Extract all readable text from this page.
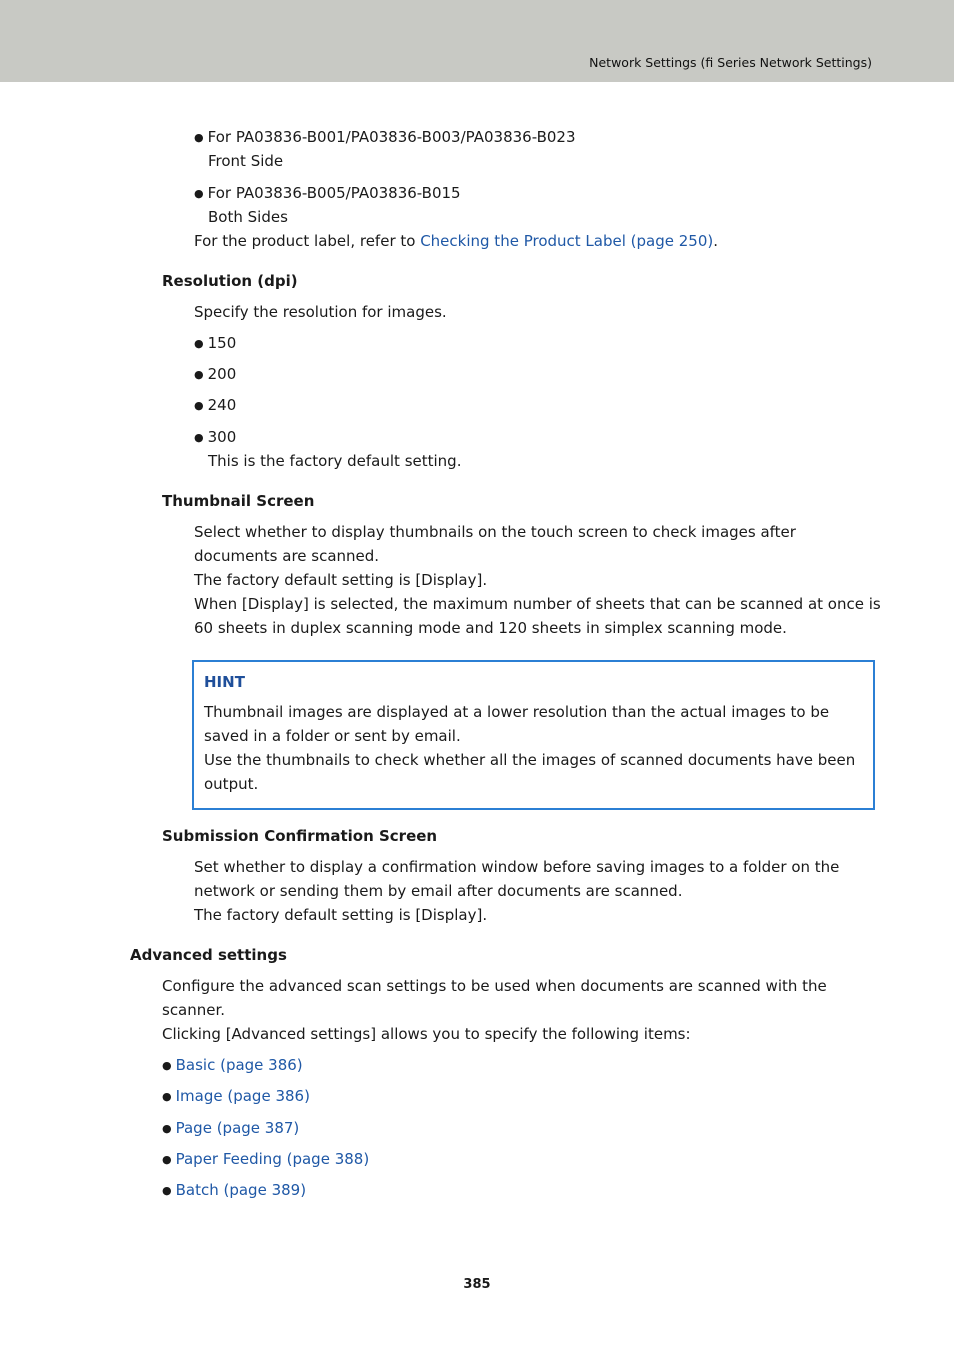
Network Settings (fi Series Network Settings)
● For PA03836-B001/PA03836-B003/PA03836-B023
Front Side
● For PA03836-B005/PA03836-B015
Both Sides
For the product label, refer to Checking the Product Label (page 250).
Resolution (dpi)
Specify the resolution for images.
● 150
● 200
● 240
● 300
This is the factory default setting.
Thumbnail Screen
Select whether to display thumbnails on the touch screen to check images after
documents are scanned.
The factory default setting is [Display].
When [Display] is selected, the maximum number of sheets that can be scanned at once is
60 sheets in duplex scanning mode and 120 sheets in simplex scanning mode.
HINT
Thumbnail images are displayed at a lower resolution than the actual images to be
saved in a folder or sent by email.
Use the thumbnails to check whether all the images of scanned documents have been
output.
Submission Confirmation Screen
Set whether to display a confirmation window before saving images to a folder on the
network or sending them by email after documents are scanned.
The factory default setting is [Display].
Advanced settings
Configure the advanced scan settings to be used when documents are scanned with the
scanner.
Clicking [Advanced settings] allows you to specify the following items:
● Basic (page 386)
● Image (page 386)
● Page (page 387)
● Paper Feeding (page 388)
● Batch (page 389)
385
